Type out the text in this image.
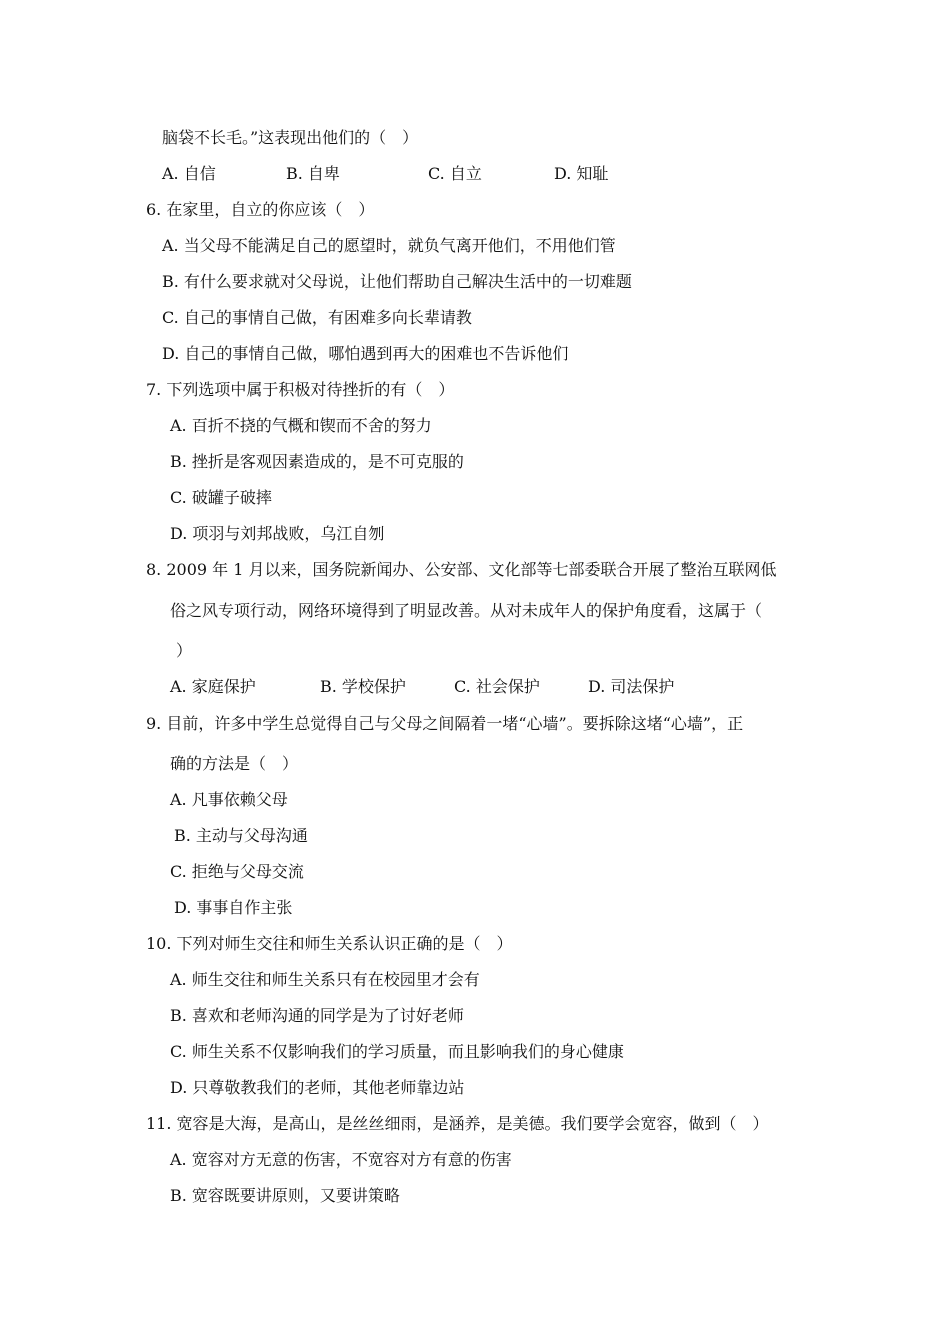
脑袋不长毛。”这表现出他们的（　）
A. 自信	B. 自卑	C. 自立	D. 知耻
6. 在家里，自立的你应该（　）
A. 当父母不能满足自己的愿望时，就负气离开他们，不用他们管
B. 有什么要求就对父母说，让他们帮助自己解决生活中的一切难题
C. 自己的事情自己做，有困难多向长辈请教
D. 自己的事情自己做，哪怕遇到再大的困难也不告诉他们
7. 下列选项中属于积极对待挫折的有（　）
A. 百折不挠的气概和锲而不舍的努力
B. 挫折是客观因素造成的，是不可克服的
C. 破罐子破摔
D. 项羽与刘邦战败，乌江自刎
8. 2009 年 1 月以来，国务院新闻办、公安部、文化部等七部委联合开展了整治互联网低
俗之风专项行动，网络环境得到了明显改善。从对未成年人的保护角度看，这属于（
）
A. 家庭保护	B. 学校保护	C. 社会保护	D. 司法保护
9. 目前，许多中学生总觉得自己与父母之间隔着一堵“心墙”。要拆除这堵“心墙”，正
确的方法是（　）
A. 凡事依赖父母
B. 主动与父母沟通
C. 拒绝与父母交流
D. 事事自作主张
10. 下列对师生交往和师生关系认识正确的是（　）
A. 师生交往和师生关系只有在校园里才会有
B. 喜欢和老师沟通的同学是为了讨好老师
C. 师生关系不仅影响我们的学习质量，而且影响我们的身心健康
D. 只尊敬教我们的老师，其他老师靠边站
11. 宽容是大海，是高山，是丝丝细雨，是涵养，是美德。我们要学会宽容，做到（　）
A. 宽容对方无意的伤害，不宽容对方有意的伤害
B. 宽容既要讲原则，又要讲策略
